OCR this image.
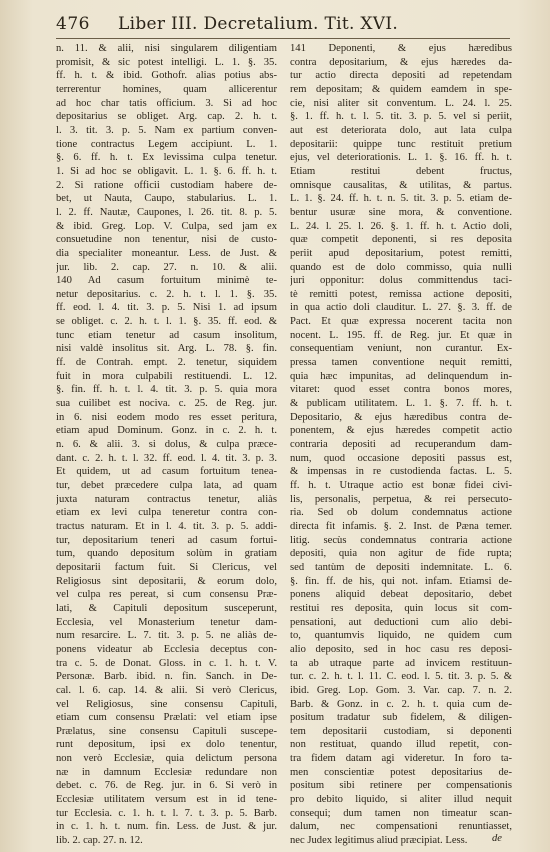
476 Liber III. Decretalium. Tit. XVI.
n. 11. & alii, nisi singularem diligentiam
promisit, & sic potest intelligi. L. 1. §. 35.
ff. h. t. & ibid. Gothofr. alias potius abs-
terrerentur homines, quam allicerentur
ad hoc char tatis officium. 3. Si ad hoc
depositarius se obliget. Arg. cap. 2. h. t.
l. 3. tit. 3. p. 5. Nam ex partium conven-
tione contractus Legem accipiunt. L. 1.
§. 6. ff. h. t. Ex levissima culpa tenetur.
1. Si ad hoc se obligavit. L. 1. §. 6. ff. h. t.
2. Si ratione officii custodiam habere de-
bet, ut Nauta, Caupo, stabularius. L. 1.
l. 2. ff. Nautæ, Caupones, l. 26. tit. 8. p. 5.
& ibid. Greg. Lop. V. Culpa, sed jam ex
consuetudine non tenentur, nisi de custo-
dia specialiter moneantur. Less. de Just. &
jur. lib. 2. cap. 27. n. 10. & alii.
140 Ad casum fortuitum minimè te-
netur depositarius. c. 2. h. t. l. 1. §. 35.
ff. eod. l. 4. tit. 3. p. 5. Nisi 1. ad ipsum
se obliget. c. 2. h. t. l. 1. §. 35. ff. eod. &
tunc etiam tenetur ad casum insolitum,
nisi valdè insolitus sit. Arg. L. 78. §. fin.
ff. de Contrah. empt. 2. tenetur, siquidem
fuit in mora culpabili restituendi. L. 12.
§. fin. ff. h. t. l. 4. tit. 3. p. 5. quia mora
sua cuilibet est nociva. c. 25. de Reg. jur.
in 6. nisi eodem modo res esset peritura,
etiam apud Dominum. Gonz. in c. 2. h. t.
n. 6. & alii. 3. si dolus, & culpa præce-
dant. c. 2. h. t. l. 32. ff. eod. l. 4. tit. 3. p. 3.
Et quidem, ut ad casum fortuitum tenea-
tur, debet præcedere culpa lata, ad quam
juxta naturam contractus tenetur, aliàs
etiam ex levi culpa teneretur contra con-
tractus naturam. Et in l. 4. tit. 3. p. 5. addi-
tur, depositarium teneri ad casum fortui-
tum, quando depositum solùm in gratiam
depositarii factum fuit. Si Clericus, vel
Religiosus sint depositarii, & eorum dolo,
vel culpa res pereat, si cum consensu Præ-
lati, & Capituli depositum susceperunt,
Ecclesia, vel Monasterium tenetur dam-
num resarcire. L. 7. tit. 3. p. 5. ne aliàs de-
ponens videatur ab Ecclesia deceptus con-
tra c. 5. de Donat. Gloss. in c. 1. h. t. V.
Personæ. Barb. ibid. n. fin. Sanch. in De-
cal. l. 6. cap. 14. & alii. Si verò Clericus,
vel Religiosus, sine consensu Capituli,
etiam cum consensu Prælati: vel etiam ipse
Prælatus, sine consensu Capituli suscepe-
runt depositum, ipsi ex dolo tenentur,
non verò Ecclesiæ, quia delictum persona
næ in damnum Ecclesiæ redundare non
debet. c. 76. de Reg. jur. in 6. Si verò in
Ecclesiæ utilitatem versum est in id tene-
tur Ecclesia. c. 1. h. t. l. 7. t. 3. p. 5. Barb.
in c. 1. h. t. num. fin. Less. de Just. & jur.
lib. 2. cap. 27. n. 12.
141 Deponenti, & ejus hæredibus
contra depositarium, & ejus hæredes da-
tur actio directa depositi ad repetendam
rem depositam; & quidem eamdem in spe-
cie, nisi aliter sit conventum. L. 24. l. 25.
§. 1. ff. h. t. l. 5. tit. 3. p. 5. vel si periit,
aut est deteriorata dolo, aut lata culpa
depositarii: quippe tunc restituit pretium
ejus, vel deteriorationis. L. 1. §. 16. ff. h. t.
Etiam restitui debent fructus,
omnisque causalitas, & utilitas, & partus.
L. 1. §. 24. ff. h. t. n. 5. tit. 3. p. 5. etiam de-
bentur usuræ sine mora, & conventione.
L. 24. l. 25. l. 26. §. 1. ff. h. t. Actio doli,
quæ competit deponenti, si res deposita
periit apud depositarium, potest remitti,
quando est de dolo commisso, quia nulli
juri opponitur: dolus committendus taci-
tè remitti potest, remissa actione depositi,
in qua actio doli clauditur. L. 27. §. 3. ff. de
Pact. Et quæ expressa nocerent tacita non
nocent. L. 195. ff. de Reg. jur. Et quæ in
consequentiam veniunt, non curantur. Ex-
pressa tamen conventione nequit remitti,
quia hæc impunitas, ad delinquendum in-
vitaret: quod esset contra bonos mores,
& publicam utilitatem. L. 1. §. 7. ff. h. t.
Depositario, & ejus hæredibus contra de-
ponentem, & ejus hæredes competit actio
contraria depositi ad recuperandum dam-
num, quod occasione depositi passus est,
& impensas in re custodienda factas. L. 5.
ff. h. t. Utraque actio est bonæ fidei civi-
lis, personalis, perpetua, & rei persecuto-
ria. Sed ob dolum condemnatus actione
directa fit infamis. §. 2. Inst. de Pæna temer.
litig. secùs condemnatus contraria actione
depositi, quia non agitur de fide rupta;
sed tantùm de depositi indemnitate. L. 6.
§. fin. ff. de his, qui not. infam. Etiamsi de-
ponens aliquid debeat depositario, debet
restitui res deposita, quin locus sit com-
pensationi, aut deductioni cum alio debi-
to, quantumvis liquido, ne quidem cum
alio deposito, sed in hoc casu res deposi-
ta ab utraque parte ad invicem restituun-
tur. c. 2. h. t. l. 11. C. eod. l. 5. tit. 3. p. 5. &
ibid. Greg. Lop. Gom. 3. Var. cap. 7. n. 2.
Barb. & Gonz. in c. 2. h. t. quia cum de-
positum tradatur sub fidelem, & diligen-
tem depositarii custodiam, si deponenti
non restituat, quando illud repetit, con-
tra fidem datam agi videretur. In foro ta-
men conscientiæ potest depositarius de-
positum sibi retinere per compensationis
pro debito liquido, si aliter illud nequit
consequi; dum tamen non timeatur scan-
dalum, nec compensationi renuntiasset,
nec Judex legitimus aliud præcipiat. Less.	de
